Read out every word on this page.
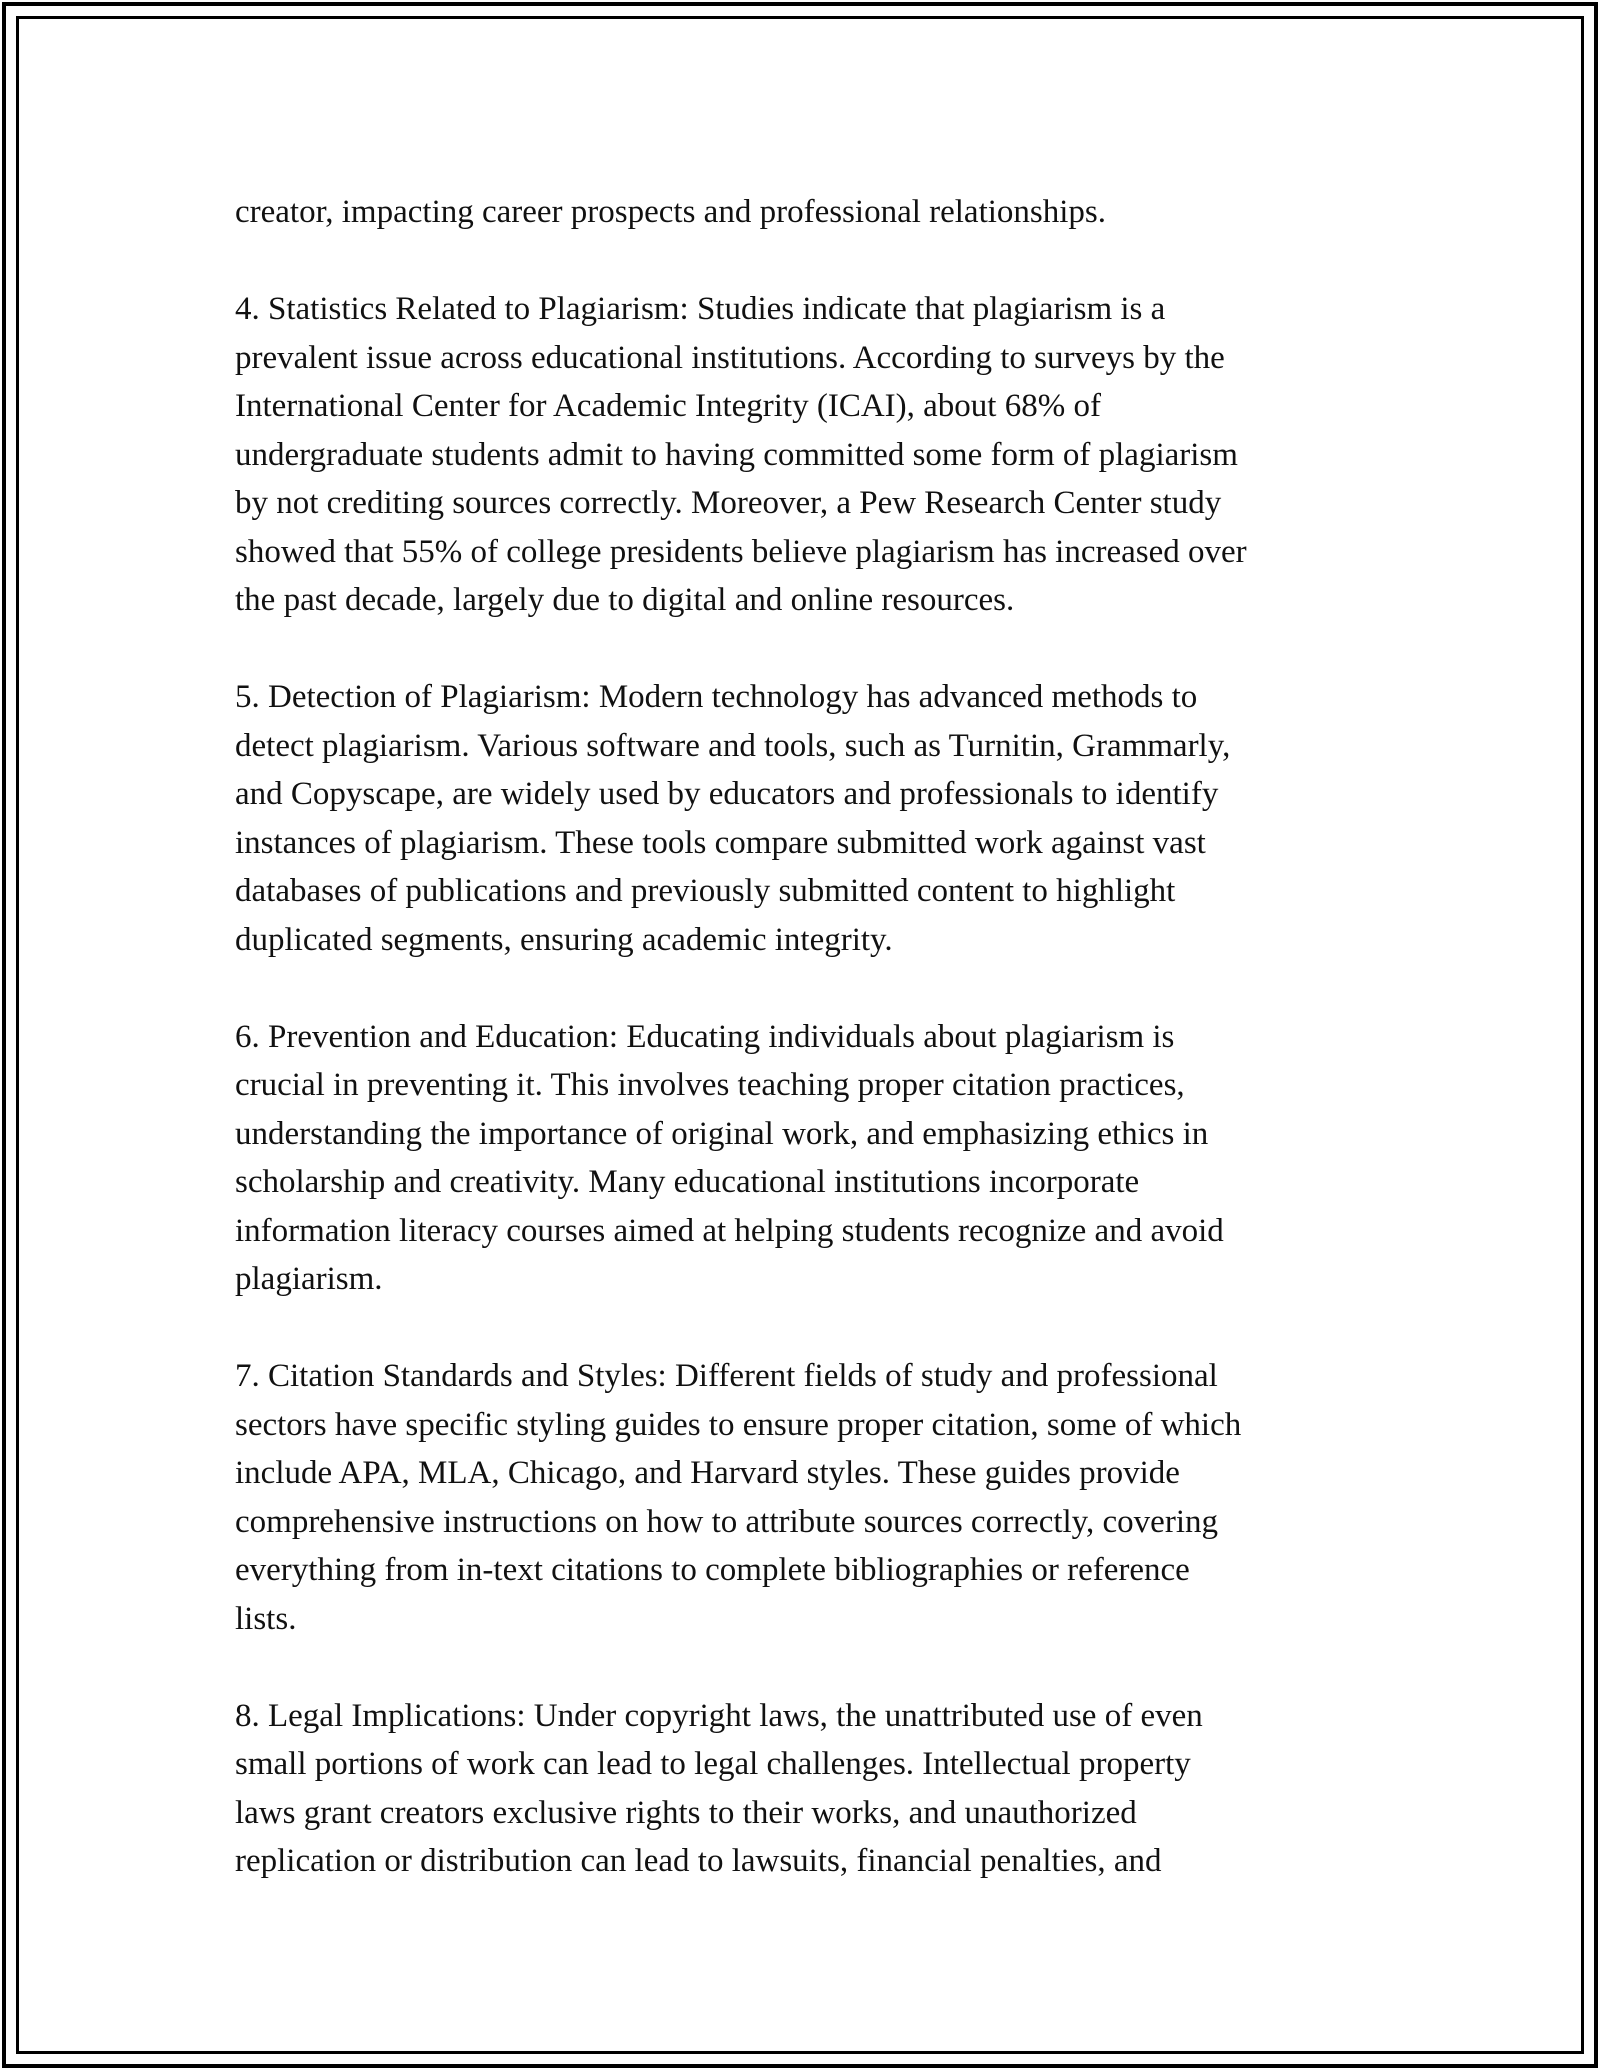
creator, impacting career prospects and professional relationships.

4. Statistics Related to Plagiarism: Studies indicate that plagiarism is a
prevalent issue across educational institutions. According to surveys by the
International Center for Academic Integrity (ICAI), about 68% of
undergraduate students admit to having committed some form of plagiarism
by not crediting sources correctly. Moreover, a Pew Research Center study
showed that 55% of college presidents believe plagiarism has increased over
the past decade, largely due to digital and online resources.

5. Detection of Plagiarism: Modern technology has advanced methods to
detect plagiarism. Various software and tools, such as Turnitin, Grammarly,
and Copyscape, are widely used by educators and professionals to identify
instances of plagiarism. These tools compare submitted work against vast
databases of publications and previously submitted content to highlight
duplicated segments, ensuring academic integrity.

6. Prevention and Education: Educating individuals about plagiarism is
crucial in preventing it. This involves teaching proper citation practices,
understanding the importance of original work, and emphasizing ethics in
scholarship and creativity. Many educational institutions incorporate
information literacy courses aimed at helping students recognize and avoid
plagiarism.

7. Citation Standards and Styles: Different fields of study and professional
sectors have specific styling guides to ensure proper citation, some of which
include APA, MLA, Chicago, and Harvard styles. These guides provide
comprehensive instructions on how to attribute sources correctly, covering
everything from in-text citations to complete bibliographies or reference
lists.

8. Legal Implications: Under copyright laws, the unattributed use of even
small portions of work can lead to legal challenges. Intellectual property
laws grant creators exclusive rights to their works, and unauthorized
replication or distribution can lead to lawsuits, financial penalties, and
